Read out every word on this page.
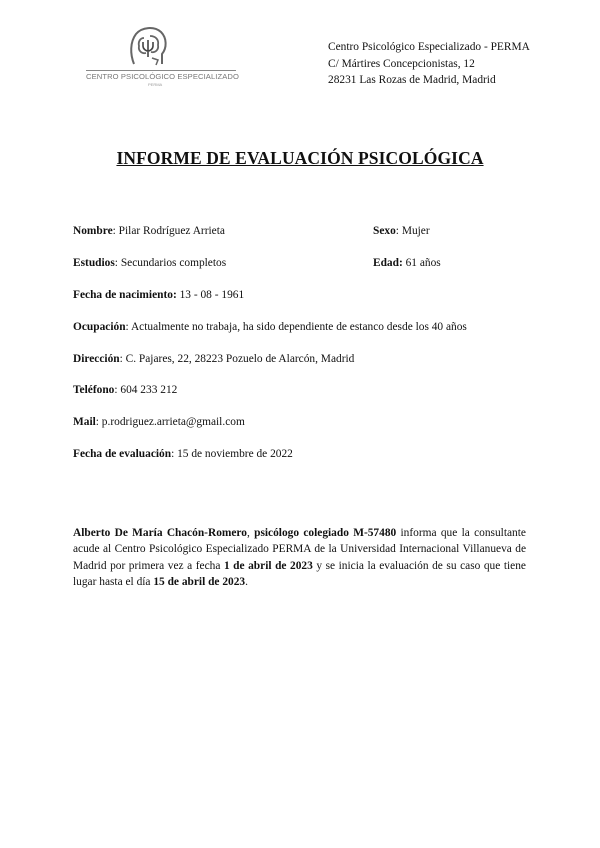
CENTRO PSICOLÓGICO ESPECIALIZADO
PERMA
Centro Psicológico Especializado - PERMA
C/ Mártires Concepcionistas, 12
28231 Las Rozas de Madrid, Madrid
INFORME DE EVALUACIÓN PSICOLÓGICA
Nombre: Pilar Rodríguez Arrieta	Sexo: Mujer
Estudios: Secundarios completos	Edad: 61 años
Fecha de nacimiento: 13 - 08 - 1961
Ocupación: Actualmente no trabaja, ha sido dependiente de estanco desde los 40 años
Dirección: C. Pajares, 22, 28223 Pozuelo de Alarcón, Madrid
Teléfono: 604 233 212
Mail: p.rodriguez.arrieta@gmail.com
Fecha de evaluación: 15 de noviembre de 2022
Alberto De María Chacón-Romero, psicólogo colegiado M-57480 informa que la consultante acude al Centro Psicológico Especializado PERMA de la Universidad Internacional Villanueva de Madrid por primera vez a fecha 1 de abril de 2023 y se inicia la evaluación de su caso que tiene lugar hasta el día 15 de abril de 2023.
